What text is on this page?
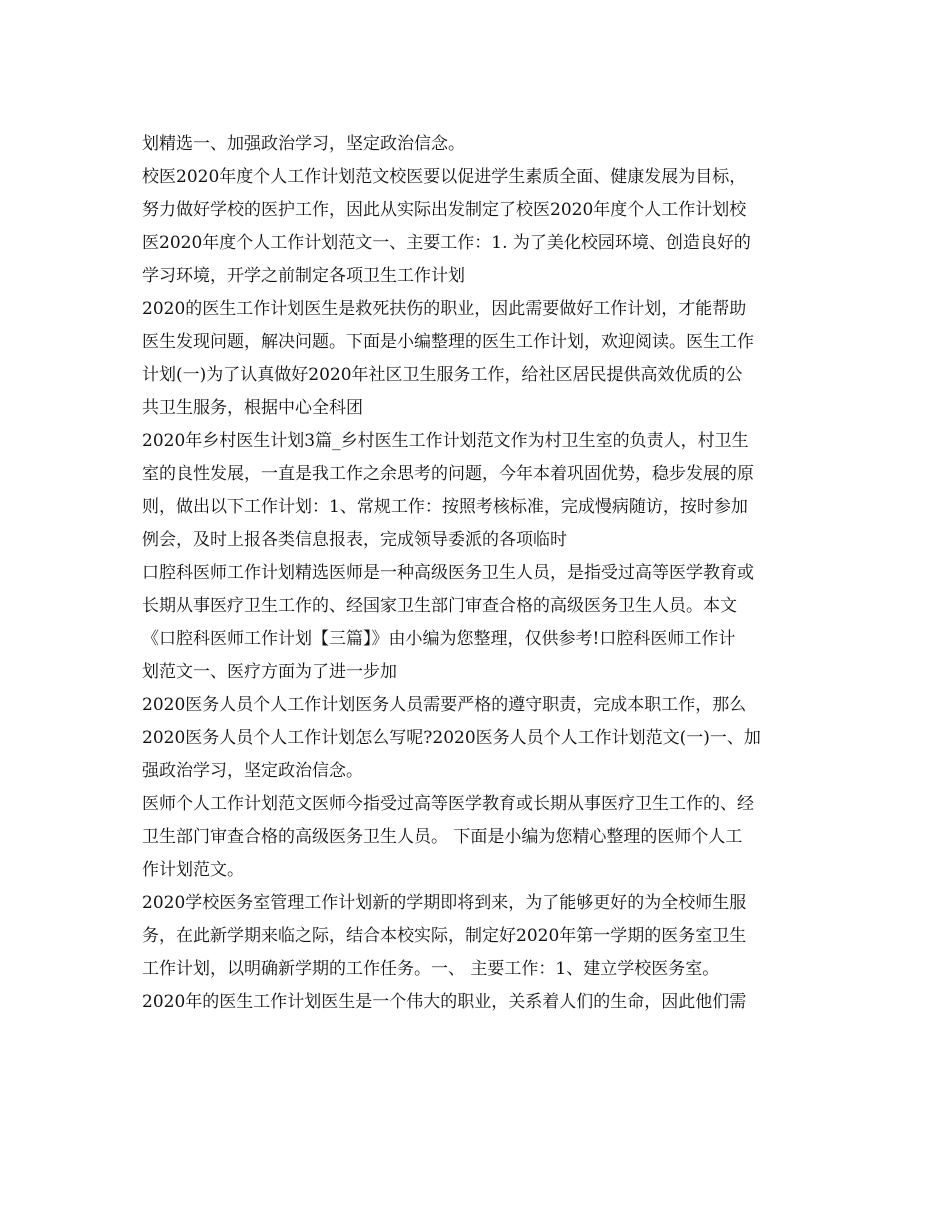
划精选一、加强政治学习，坚定政治信念。
校医2020年度个人工作计划范文校医要以促进学生素质全面、健康发展为目标，
努力做好学校的医护工作，因此从实际出发制定了校医2020年度个人工作计划校
医2020年度个人工作计划范文一、主要工作：1. 为了美化校园环境、创造良好的
学习环境，开学之前制定各项卫生工作计划
2020的医生工作计划医生是救死扶伤的职业，因此需要做好工作计划，才能帮助
医生发现问题，解决问题。下面是小编整理的医生工作计划，欢迎阅读。医生工作
计划(一)为了认真做好2020年社区卫生服务工作，给社区居民提供高效优质的公
共卫生服务，根据中心全科团
2020年乡村医生计划3篇_乡村医生工作计划范文作为村卫生室的负责人，村卫生
室的良性发展，一直是我工作之余思考的问题，今年本着巩固优势，稳步发展的原
则，做出以下工作计划：1、常规工作：按照考核标准，完成慢病随访，按时参加
例会，及时上报各类信息报表，完成领导委派的各项临时
口腔科医师工作计划精选医师是一种高级医务卫生人员，是指受过高等医学教育或
长期从事医疗卫生工作的、经国家卫生部门审查合格的高级医务卫生人员。本文
《口腔科医师工作计划【三篇】》由小编为您整理，仅供参考!口腔科医师工作计
划范文一、医疗方面为了进一步加
2020医务人员个人工作计划医务人员需要严格的遵守职责，完成本职工作，那么
2020医务人员个人工作计划怎么写呢?2020医务人员个人工作计划范文(一)一、加
强政治学习，坚定政治信念。
医师个人工作计划范文医师今指受过高等医学教育或长期从事医疗卫生工作的、经
卫生部门审查合格的高级医务卫生人员。 下面是小编为您精心整理的医师个人工
作计划范文。
2020学校医务室管理工作计划新的学期即将到来，为了能够更好的为全校师生服
务，在此新学期来临之际，结合本校实际，制定好2020年第一学期的医务室卫生
工作计划，以明确新学期的工作任务。一、 主要工作：1、建立学校医务室。
2020年的医生工作计划医生是一个伟大的职业，关系着人们的生命，因此他们需
